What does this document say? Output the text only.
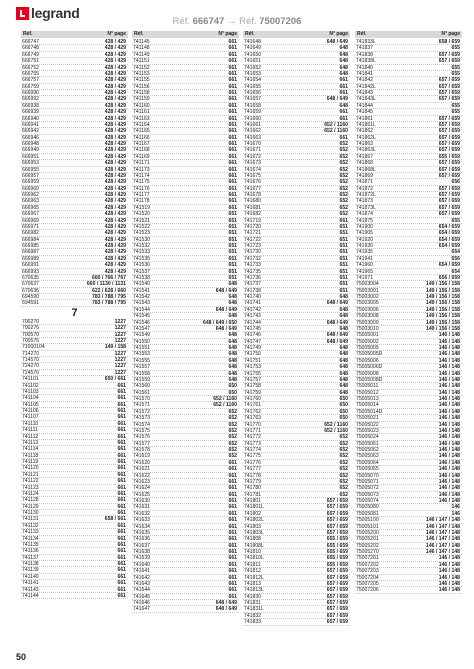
legrand
Réf. 666747 → Réf. 75007206
Réf.	N° page
666747	428 / 429
666748	428 / 429
666749	428 / 429
666751	428 / 429
666752	428 / 429
666755	428 / 429
666757	428 / 429
666759	428 / 429
666990	428 / 429
666992	428 / 429
666938	428 / 429
666939	428 / 429
666940	428 / 429
666941	428 / 429
666942	428 / 429
666946	428 / 429
666948	428 / 429
666949	428 / 429
666951	428 / 429
666953	428 / 429
666955	428 / 429
666957	428 / 429
666959	428 / 429
666960	428 / 429
666962	428 / 429
666963	428 / 429
666965	428 / 429
666967	428 / 429
666969	428 / 429
666971	428 / 429
666982	428 / 429
666984	428 / 429
666985	428 / 429
666987	428 / 429
666989	428 / 429
666991	428 / 429
666993	428 / 429
670635	660 / 766 / 767
670637	660 / 1130 / 1131
670636	622 / 628 / 660
694590	783 / 788 / 795
694591	783 / 788 / 795
7
700270	1227
700276	1227
700570	1227
700576	1227
71000104	149 / 158
714270	1227
714570	1227
724270	1227
724570	1227
741101	650 / 661
741102	661
741103	661
741104	661
741105	661
741106	661
741107	661
741110	661
741111	661
741112	661
741113	661
741114	661
741118	661
741119	661
741120	661
741121	661
741122	661
741123	661
741124	661
741128	661
741129	661
741130	661
741131	658 / 661
741132	661
741133	661
741134	661
741135	661
741136	661
741137	661
741138	661
741139	661
741140	661
741141	661
741143	661
741144	661
Réf.	N° page
741145	661
741148	661
741149	661
741151	661
741152	661
741153	661
741155	661
741156	661
741158	661
741159	661
741160	661
741161	661
741163	661
741164	661
741165	661
741166	661
741167	661
741168	661
741169	661
741171	661
741173	661
741174	661
741175	661
741176	661
741177	661
741178	661
741519	661
741520	651
741521	651
741522	651
741523	651
741530	651
741532	651
741533	651
741535	651
741536	651
741537	651
741538	651
741540	648
741541	648 / 649
741542	648
741543	648
741544	648 / 649
741545	648
741546	648 / 649 / 650
741547	648 / 649
741549	648
741550	648
741551	648
741553	648
741555	648
741557	648
741558	648
741559	648
741560	650
741561	650
741570	652 / 1160
741571	652 / 1160
741572	652
741573	652
741574	652
741575	652
741576	652
741577	652
741578	652
741619	652
741620	661
741621	661
741622	661
741623	661
741624	661
741625	661
741630	661
741631	661
741632	661
741633	661
741634	661
741635	661
741636	661
741637	661
741638	661
741639	661
741640	661
741641	661
741642	661
741643	661
741644	661
741645	661
741646	648 / 649
741647	648 / 649
Réf.	N° page
741648	648 / 649
741649	648
741650	648
741651	648
741652	648
741653	648
741654	661
741655	661
741656	661
741657	648 / 649
741658	648
741659	661
741660	661
741661	652 / 1160
741662	652 / 1160
741663	661
741670	652
741671	652
741672	652
741673	652
741674	652
741675	652
741676	652
741677	652
741678	652
741680	652
741681	652
741682	652
741719	661
741720	651
741721	651
741722	651
741723	651
741730	651
741732	651
741733	651
741735	651
741736	651
741737	651
741738	651
741740	648
741741	648 / 649
741742	648
741743	648
741744	648 / 649
741745	648
741746	648 / 649
741747	648 / 649
741749	648
741750	648
741751	648
741753	648
741755	648
741757	648
741758	648
741759	648
741760	650
741761	650
741762	650
741763	650
741770	652 / 1160
741771	652 / 1160
741772	652
741773	652
741774	652
741775	652
741776	652
741777	652
741778	652
741779	652
741780	652
741781	652
741801	657 / 659
741801L	657 / 659
741802	657 / 659
741802L	657 / 659
741803	657 / 659
741803L	657 / 659
741808	655 / 659
741808L	655 / 659
741810	655 / 659
741810L	655 / 659
741811	655 / 659
741812	657 / 659
741812L	657 / 659
741813	657 / 659
741813L	657 / 659
741830	657 / 659
741831	657 / 659
741831L	657 / 659
741832	657 / 659
741833	657 / 659
Réf.	N° page
741833L	658 / 659
741837	655
741838	657 / 659
741838L	657 / 659
741840	655
741841	655
741842	657 / 659
741842L	657 / 659
741843	657 / 659
741843L	657 / 659
741844	655
741845	655
741861	657 / 659
741861L	657 / 659
741862	657 / 659
741862L	657 / 659
741863	657 / 659
741863L	657 / 659
741867	655 / 659
741868	657 / 659
741868L	657 / 659
741869	657 / 659
741871	656
741872	657 / 659
741872L	657 / 659
741873	657 / 659
741873L	657 / 659
741874	657 / 659
741875	655
741900	654 / 659
741905	654 / 659
741920	654 / 659
741930	654 / 659
741935	654
741941	656
741960	654 / 659
741965	654
741971	656 / 659
75003004	149 / 156 / 158
75003001	149 / 156 / 158
75003002	149 / 156 / 158
75003005	149 / 156 / 158
75003006	149 / 156 / 158
75003008	149 / 156 / 158
75003009	149 / 156 / 158
75003010	149 / 156 / 158
75005001	146 / 148
75005002	146 / 148
75005005	146 / 148
75005005D	146 / 148
75005006	146 / 148
75005006D	146 / 148
75005008	146 / 148
75005008D	146 / 148
75005011	146 / 148
75005012	146 / 148
75005013	146 / 148
75005014	146 / 148
75005014D	146 / 148
75005021	146 / 148
75005022	146 / 148
75005023	146 / 148
75005024	146 / 148
75005061	146 / 148
75005062	146 / 148
75005063	146 / 148
75005064	146 / 148
75005065	146 / 148
75005070	146 / 148
75005071	146 / 148
75005072	146 / 148
75005073	146 / 148
75005074	146 / 148
75005080	146
75005081	146
75005100	146 / 147 / 148
75005101	146 / 147 / 148
75005200	146 / 147 / 148
75005201	146 / 147 / 148
75005202	146 / 147 / 148
75005270	146 / 147 / 148
75007201	146 / 148
75007202	146 / 148
75007203	146 / 148
75007204	146 / 148
75007205	146 / 148
75007206	146 / 148
50
